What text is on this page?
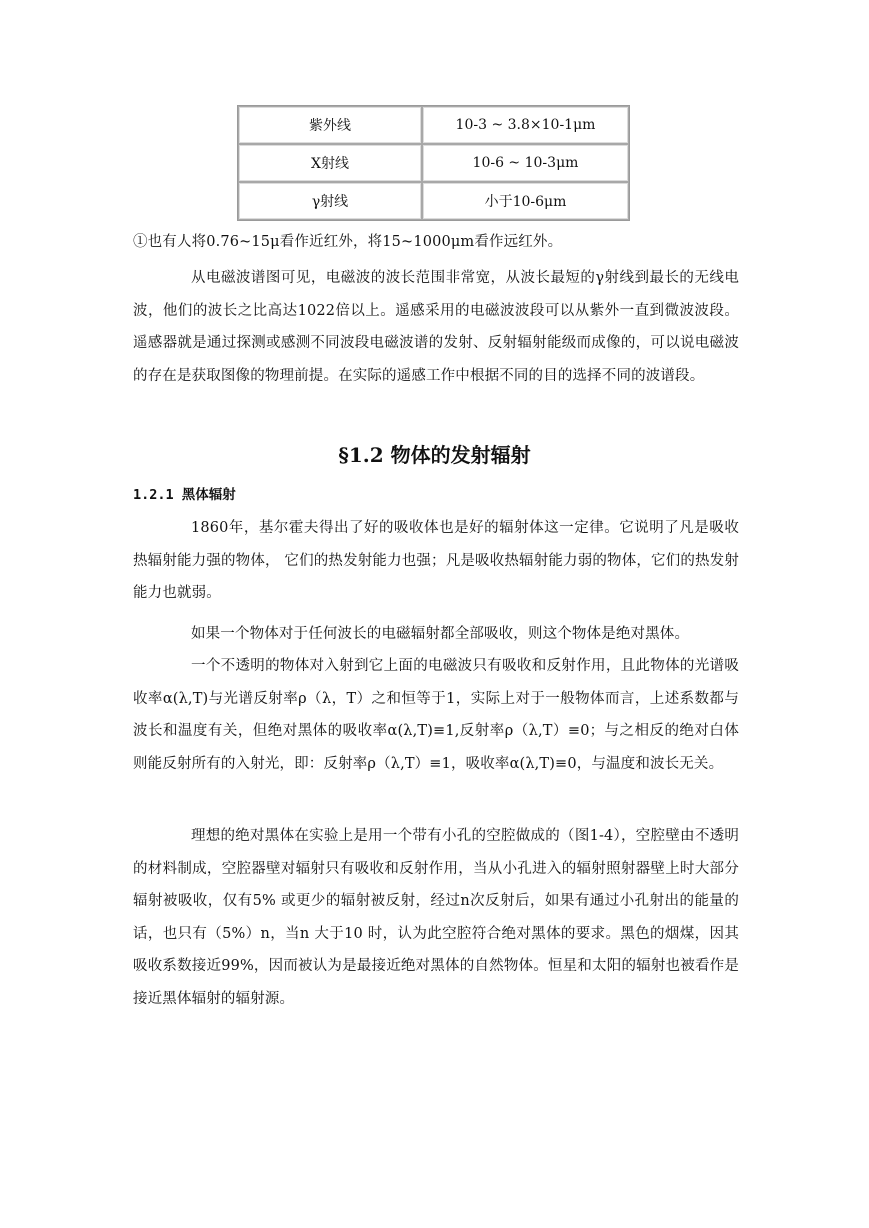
紫外线	10-3 ~ 3.8×10-1μm
X射线	10-6 ~ 10-3μm
γ射线	小于10-6μm

①也有人将0.76~15μ看作近红外，将15~1000μm看作远红外。

从电磁波谱图可见，电磁波的波长范围非常宽，从波长最短的γ射线到最长的无线电波，他们的波长之比高达1022倍以上。遥感采用的电磁波波段可以从紫外一直到微波波段。遥感器就是通过探测或感测不同波段电磁波谱的发射、反射辐射能级而成像的，可以说电磁波的存在是获取图像的物理前提。在实际的遥感工作中根据不同的目的选择不同的波谱段。

§1.2 物体的发射辐射
1.2.1 黑体辐射

1860年，基尔霍夫得出了好的吸收体也是好的辐射体这一定律。它说明了凡是吸收热辐射能力强的物体， 它们的热发射能力也强；凡是吸收热辐射能力弱的物体，它们的热发射能力也就弱。

如果一个物体对于任何波长的电磁辐射都全部吸收，则这个物体是绝对黑体。

一个不透明的物体对入射到它上面的电磁波只有吸收和反射作用，且此物体的光谱吸收率α(λ,T)与光谱反射率ρ（λ，T）之和恒等于1，实际上对于一般物体而言，上述系数都与波长和温度有关，但绝对黑体的吸收率α(λ,T)≡1,反射率ρ（λ,T）≡0；与之相反的绝对白体则能反射所有的入射光，即：反射率ρ（λ,T）≡1，吸收率α(λ,T)≡0，与温度和波长无关。

理想的绝对黑体在实验上是用一个带有小孔的空腔做成的（图1-4），空腔壁由不透明的材料制成，空腔器壁对辐射只有吸收和反射作用，当从小孔进入的辐射照射器壁上时大部分辐射被吸收，仅有5% 或更少的辐射被反射，经过n次反射后，如果有通过小孔射出的能量的话，也只有（5%）n，当n 大于10 时，认为此空腔符合绝对黑体的要求。黑色的烟煤，因其吸收系数接近99%，因而被认为是最接近绝对黑体的自然物体。恒星和太阳的辐射也被看作是接近黑体辐射的辐射源。
